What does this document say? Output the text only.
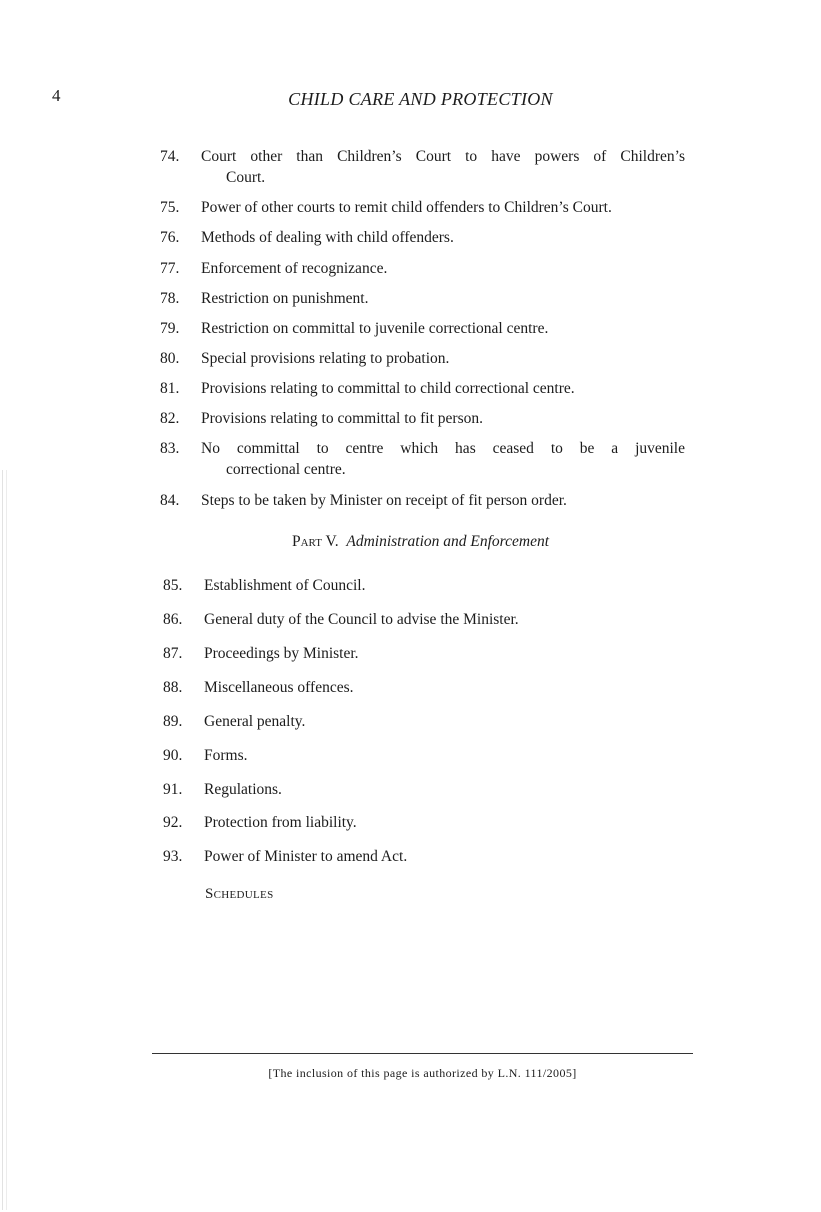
4	CHILD CARE AND PROTECTION
74. Court other than Children’s Court to have powers of Children’s
Court.
75. Power of other courts to remit child offenders to Children’s Court.
76. Methods of dealing with child offenders.
77. Enforcement of recognizance.
78. Restriction on punishment.
79. Restriction on committal to juvenile correctional centre.
80. Special provisions relating to probation.
81. Provisions relating to committal to child correctional centre.
82. Provisions relating to committal to fit person.
83. No committal to centre which has ceased to be a juvenile
correctional centre.
84. Steps to be taken by Minister on receipt of fit person order.
Part V. Administration and Enforcement
85. Establishment of Council.
86. General duty of the Council to advise the Minister.
87. Proceedings by Minister.
88. Miscellaneous offences.
89. General penalty.
90. Forms.
91. Regulations.
92. Protection from liability.
93. Power of Minister to amend Act.
Schedules
[The inclusion of this page is authorized by L.N. 111/2005]
